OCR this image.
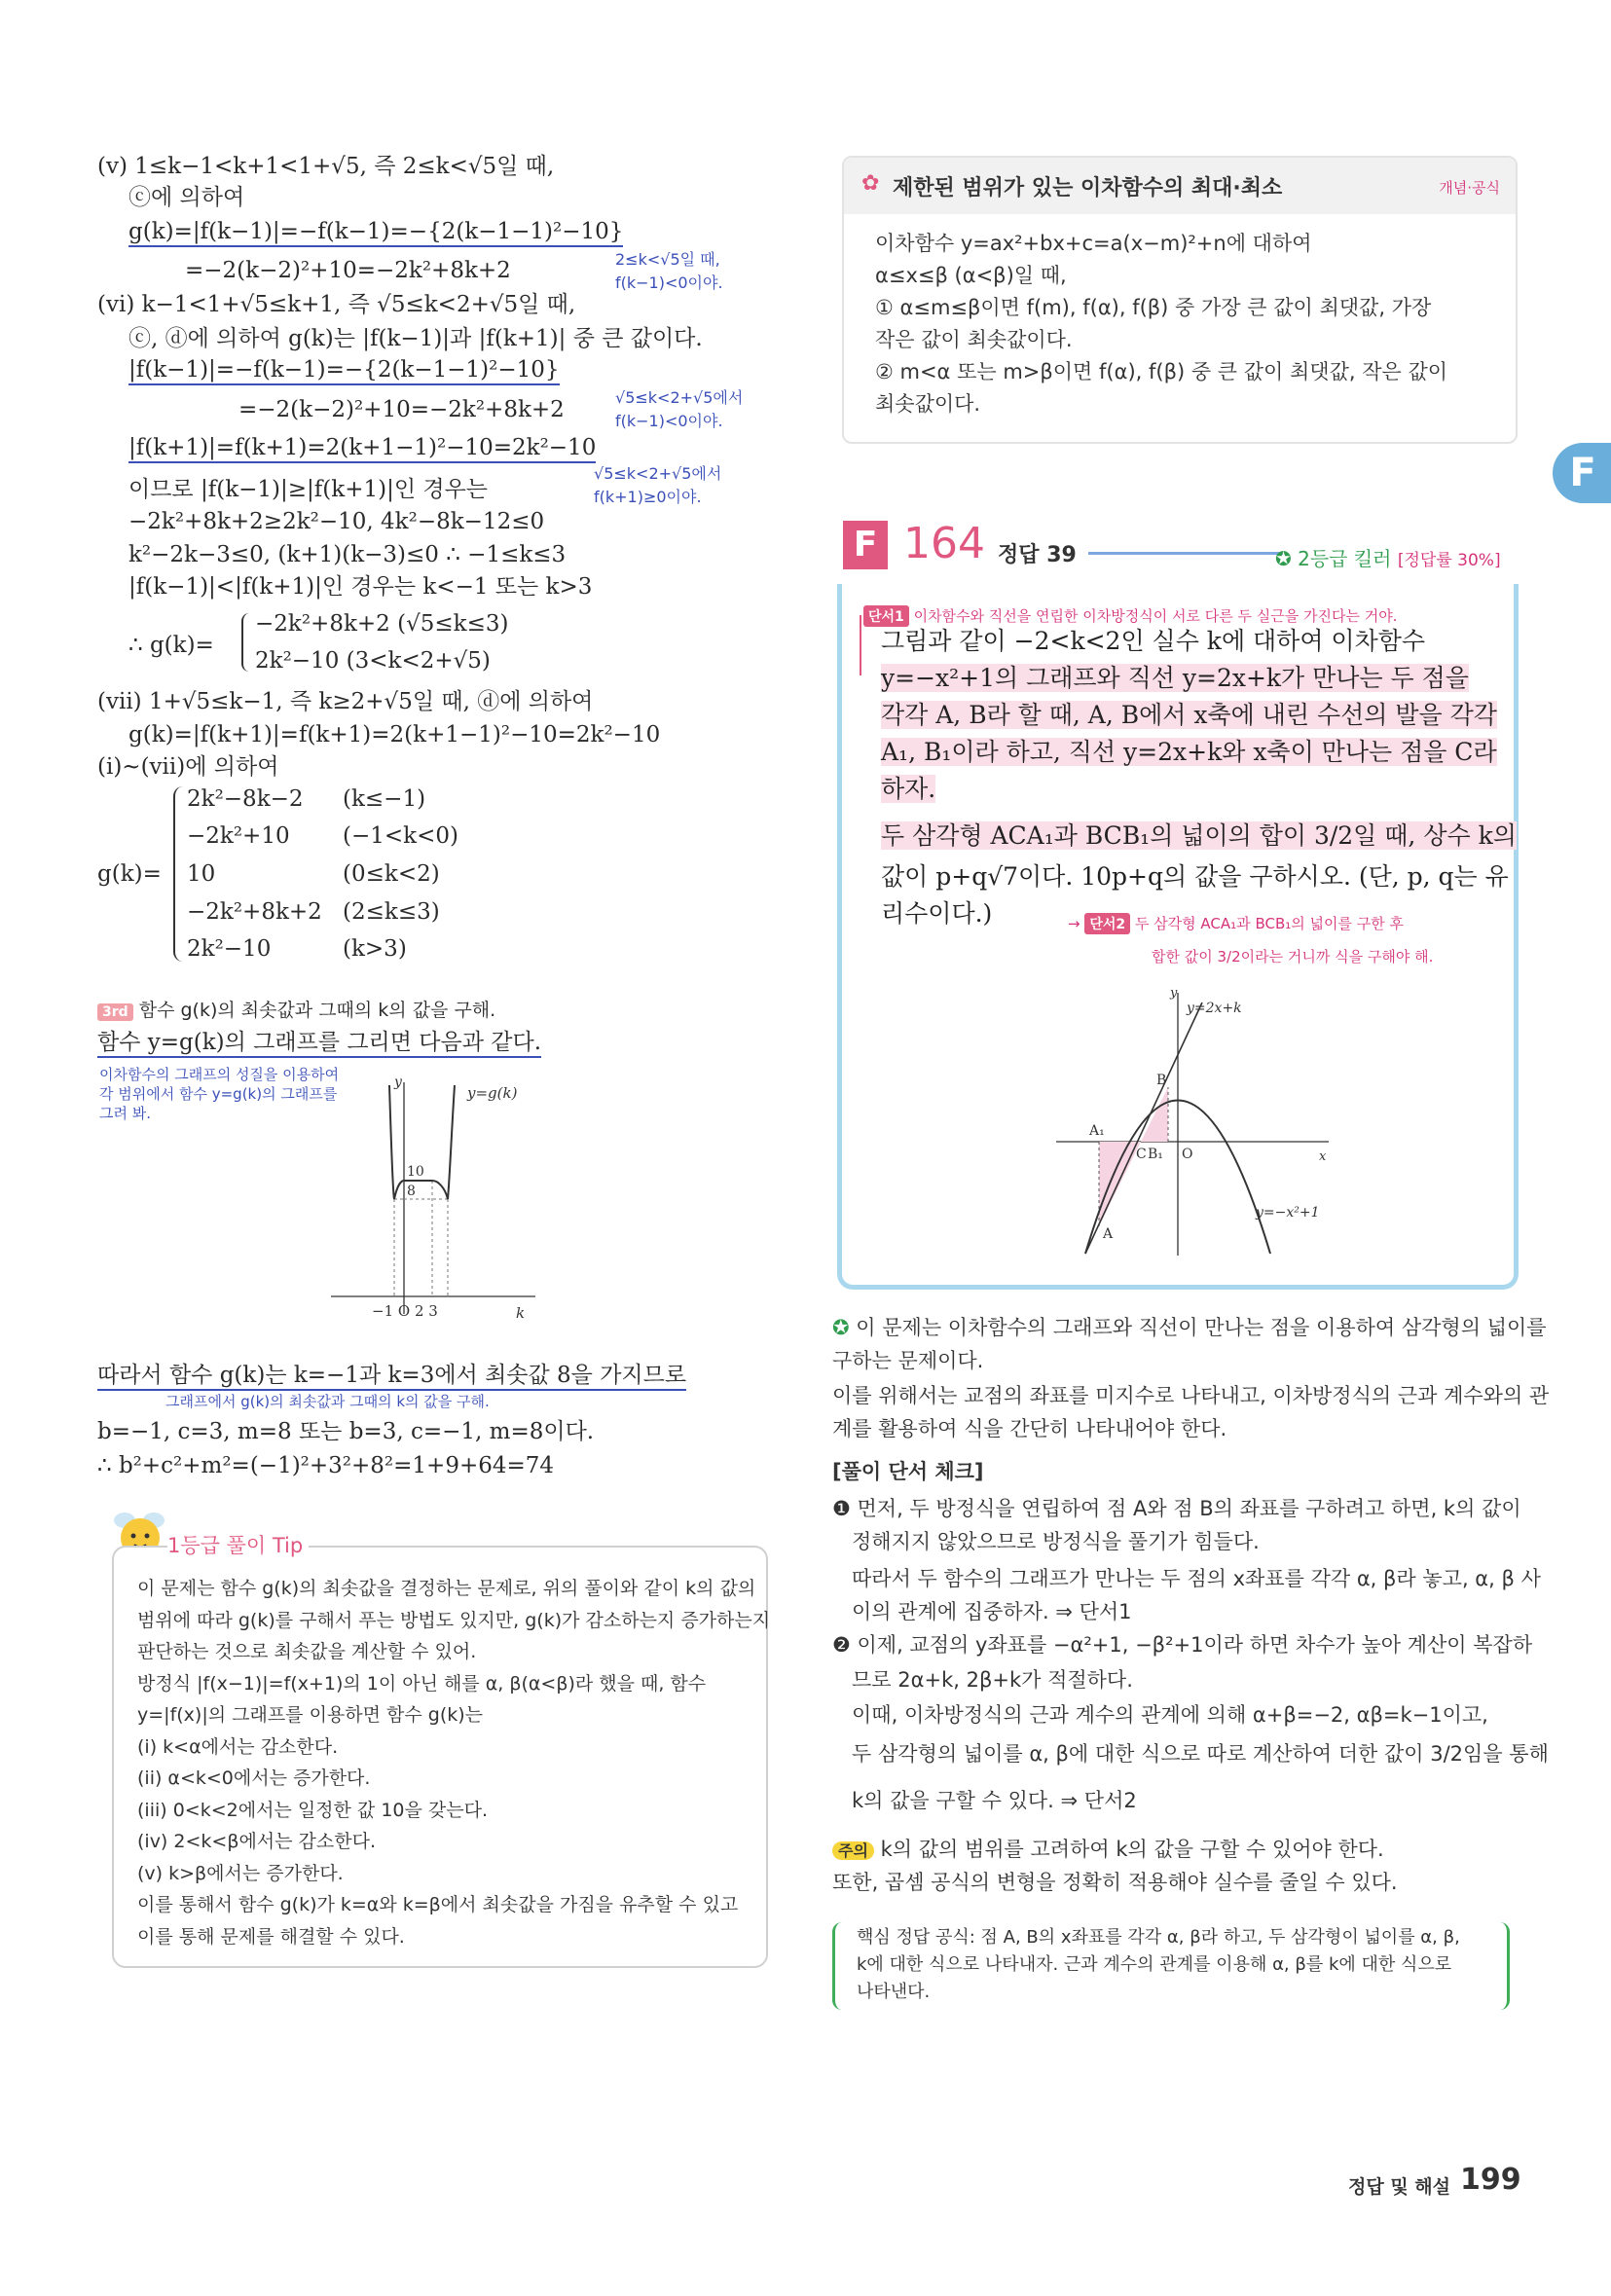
(v) 1≤k−1<k+1<1+√5, 즉 2≤k<√5일 때,
ⓒ에 의하여
g(k)=|f(k−1)|=−f(k−1)=−{2(k−1−1)²−10}
=−2(k−2)²+10=−2k²+8k+2	2≤k<√5일 때,
f(k−1)<0이야.
(vi) k−1<1+√5≤k+1, 즉 √5≤k<2+√5일 때,
ⓒ, ⓓ에 의하여 g(k)는 |f(k−1)|과 |f(k+1)| 중 큰 값이다.
|f(k−1)|=−f(k−1)=−{2(k−1−1)²−10}
=−2(k−2)²+10=−2k²+8k+2	√5≤k<2+√5에서
f(k−1)<0이야.
|f(k+1)|=f(k+1)=2(k+1−1)²−10=2k²−10
√5≤k<2+√5에서
f(k+1)≥0이야.
이므로 |f(k−1)|≥|f(k+1)|인 경우는
−2k²+8k+2≥2k²−10, 4k²−8k−12≤0
k²−2k−3≤0, (k+1)(k−3)≤0 ∴ −1≤k≤3
|f(k−1)|<|f(k+1)|인 경우는 k<−1 또는 k>3
∴ g(k)=
−2k²+8k+2 (√5≤k≤3)
2k²−10 (3<k<2+√5)
(vii) 1+√5≤k−1, 즉 k≥2+√5일 때, ⓓ에 의하여
g(k)=|f(k+1)|=f(k+1)=2(k+1−1)²−10=2k²−10
(i)~(vii)에 의하여
g(k)=
2k²−8k−2 (k≤−1)
−2k²+10 (−1<k<0)
10	(0≤k<2)
−2k²+8k+2 (2≤k≤3)
2k²−10	(k>3)
3rd 함수 g(k)의 최솟값과 그때의 k의 값을 구해.
함수 y=g(k)의 그래프를 그리면 다음과 같다.
이차함수의 그래프의 성질을 이용하여
각 범위에서 함수 y=g(k)의 그래프를
그려 봐.
y
y=g(k)
10
8
−1 O 2 3	k
따라서 함수 g(k)는 k=−1과 k=3에서 최솟값 8을 가지므로
그래프에서 g(k)의 최솟값과 그때의 k의 값을 구해.
b=−1, c=3, m=8 또는 b=3, c=−1, m=8이다.
∴ b²+c²+m²=(−1)²+3²+8²=1+9+64=74
1등급 풀이 Tip
이 문제는 함수 g(k)의 최솟값을 결정하는 문제로, 위의 풀이와 같이 k의 값의
범위에 따라 g(k)를 구해서 푸는 방법도 있지만, g(k)가 감소하는지 증가하는지
판단하는 것으로 최솟값을 계산할 수 있어.
방정식 |f(x−1)|=f(x+1)의 1이 아닌 해를 α, β(α<β)라 했을 때, 함수
y=|f(x)|의 그래프를 이용하면 함수 g(k)는
(i) k<α에서는 감소한다.
(ii) α<k<0에서는 증가한다.
(iii) 0<k<2에서는 일정한 값 10을 갖는다.
(iv) 2<k<β에서는 감소한다.
(v) k>β에서는 증가한다.
이를 통해서 함수 g(k)가 k=α와 k=β에서 최솟값을 가짐을 유추할 수 있고
이를 통해 문제를 해결할 수 있다.
✿ 제한된 범위가 있는 이차함수의 최대·최소	개념·공식
이차함수 y=ax²+bx+c=a(x−m)²+n에 대하여
α≤x≤β (α<β)일 때,
① α≤m≤β이면 f(m), f(α), f(β) 중 가장 큰 값이 최댓값, 가장
작은 값이 최솟값이다.
② m<α 또는 m>β이면 f(α), f(β) 중 큰 값이 최댓값, 작은 값이
최솟값이다.
F
F 164 정답 39	✪ 2등급 킬러 [정답률 30%]
단서1 이차함수와 직선을 연립한 이차방정식이 서로 다른 두 실근을 가진다는 거야.
그림과 같이 −2<k<2인 실수 k에 대하여 이차함수
y=−x²+1의 그래프와 직선 y=2x+k가 만나는 두 점을
각각 A, B라 할 때, A, B에서 x축에 내린 수선의 발을 각각
A₁, B₁이라 하고, 직선 y=2x+k와 x축이 만나는 점을 C라
하자.
두 삼각형 ACA₁과 BCB₁의 넓이의 합이 3/2일 때, 상수 k의
값이 p+q√7이다. 10p+q의 값을 구하시오. (단, p, q는 유
리수이다.)	→ 단서2 두 삼각형 ACA₁과 BCB₁의 넓이를 구한 후
합한 값이 3/2이라는 거니까 식을 구해야 해.
y
x
y=2x+k
y=−x²+1
A
A₁
B
C B₁ O
✪ 이 문제는 이차함수의 그래프와 직선이 만나는 점을 이용하여 삼각형의 넓이를
구하는 문제이다.
이를 위해서는 교점의 좌표를 미지수로 나타내고, 이차방정식의 근과 계수와의 관
계를 활용하여 식을 간단히 나타내어야 한다.
[풀이 단서 체크]
❶ 먼저, 두 방정식을 연립하여 점 A와 점 B의 좌표를 구하려고 하면, k의 값이
정해지지 않았으므로 방정식을 풀기가 힘들다.
따라서 두 함수의 그래프가 만나는 두 점의 x좌표를 각각 α, β라 놓고, α, β 사
이의 관계에 집중하자. ⇒ 단서1
❷ 이제, 교점의 y좌표를 −α²+1, −β²+1이라 하면 차수가 높아 계산이 복잡하
므로 2α+k, 2β+k가 적절하다.
이때, 이차방정식의 근과 계수의 관계에 의해 α+β=−2, αβ=k−1이고,
두 삼각형의 넓이를 α, β에 대한 식으로 따로 계산하여 더한 값이 3/2임을 통해
k의 값을 구할 수 있다. ⇒ 단서2
주의 k의 값의 범위를 고려하여 k의 값을 구할 수 있어야 한다.
또한, 곱셈 공식의 변형을 정확히 적용해야 실수를 줄일 수 있다.
핵심 정답 공식: 점 A, B의 x좌표를 각각 α, β라 하고, 두 삼각형이 넓이를 α, β,
k에 대한 식으로 나타내자. 근과 계수의 관계를 이용해 α, β를 k에 대한 식으로
나타낸다.
정답 및 해설 199
